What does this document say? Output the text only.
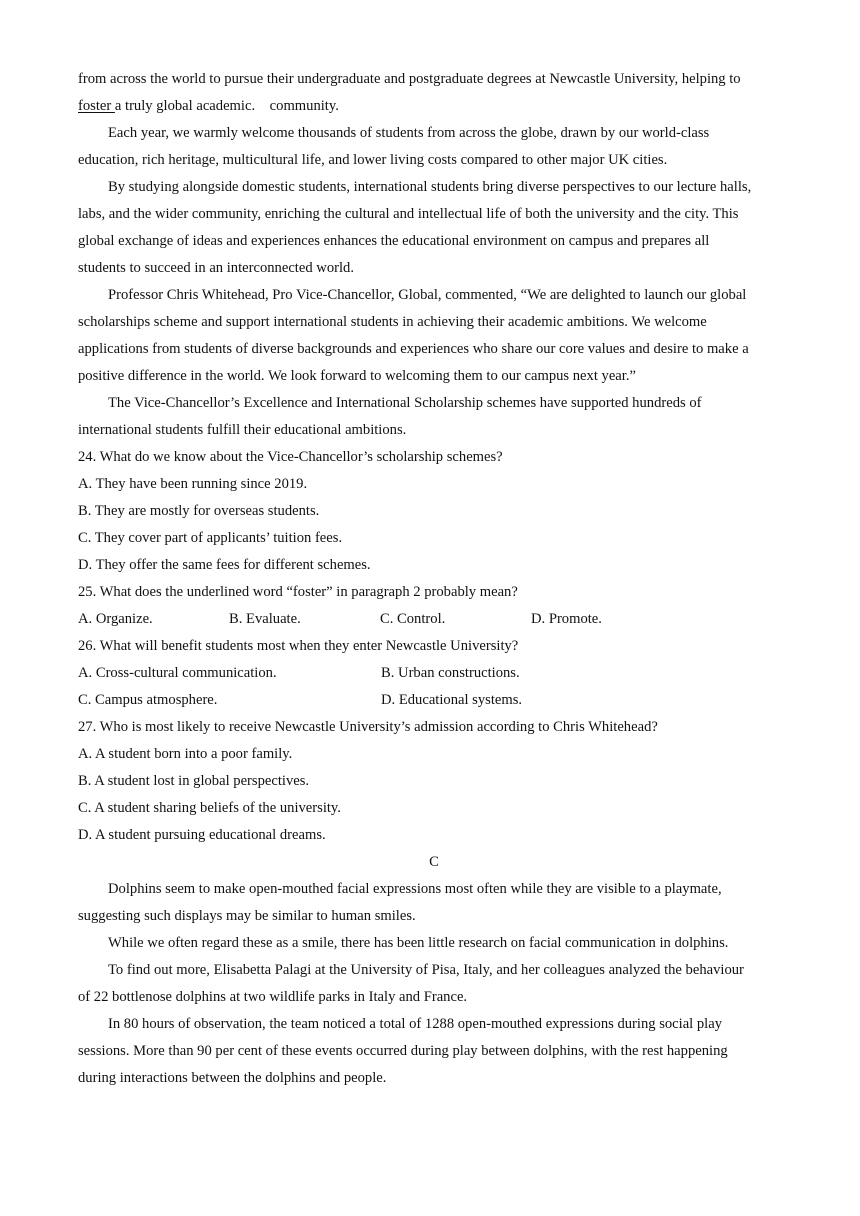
from across the world to pursue their undergraduate and postgraduate degrees at Newcastle University, helping to
foster a truly global academic.    community.
Each year, we warmly welcome thousands of students from across the globe, drawn by our world-class
education, rich heritage, multicultural life, and lower living costs compared to other major UK cities.
By studying alongside domestic students, international students bring diverse perspectives to our lecture halls,
labs, and the wider community, enriching the cultural and intellectual life of both the university and the city. This
global exchange of ideas and experiences enhances the educational environment on campus and prepares all
students to succeed in an interconnected world.
Professor Chris Whitehead, Pro Vice-Chancellor, Global, commented, “We are delighted to launch our global
scholarships scheme and support international students in achieving their academic ambitions. We welcome
applications from students of diverse backgrounds and experiences who share our core values and desire to make a
positive difference in the world. We look forward to welcoming them to our campus next year.”
The Vice-Chancellor’s Excellence and International Scholarship schemes have supported hundreds of
international students fulfill their educational ambitions.
24. What do we know about the Vice-Chancellor’s scholarship schemes?
A. They have been running since 2019.
B. They are mostly for overseas students.
C. They cover part of applicants’ tuition fees.
D. They offer the same fees for different schemes.
25. What does the underlined word “foster” in paragraph 2 probably mean?
A. Organize.	B. Evaluate.	C. Control.	D. Promote.
26. What will benefit students most when they enter Newcastle University?
A. Cross-cultural communication.	B. Urban constructions.
C. Campus atmosphere.	D. Educational systems.
27. Who is most likely to receive Newcastle University’s admission according to Chris Whitehead?
A. A student born into a poor family.
B. A student lost in global perspectives.
C. A student sharing beliefs of the university.
D. A student pursuing educational dreams.
C
Dolphins seem to make open-mouthed facial expressions most often while they are visible to a playmate,
suggesting such displays may be similar to human smiles.
While we often regard these as a smile, there has been little research on facial communication in dolphins.
To find out more, Elisabetta Palagi at the University of Pisa, Italy, and her colleagues analyzed the behaviour
of 22 bottlenose dolphins at two wildlife parks in Italy and France.
In 80 hours of observation, the team noticed a total of 1288 open-mouthed expressions during social play
sessions. More than 90 per cent of these events occurred during play between dolphins, with the rest happening
during interactions between the dolphins and people.
